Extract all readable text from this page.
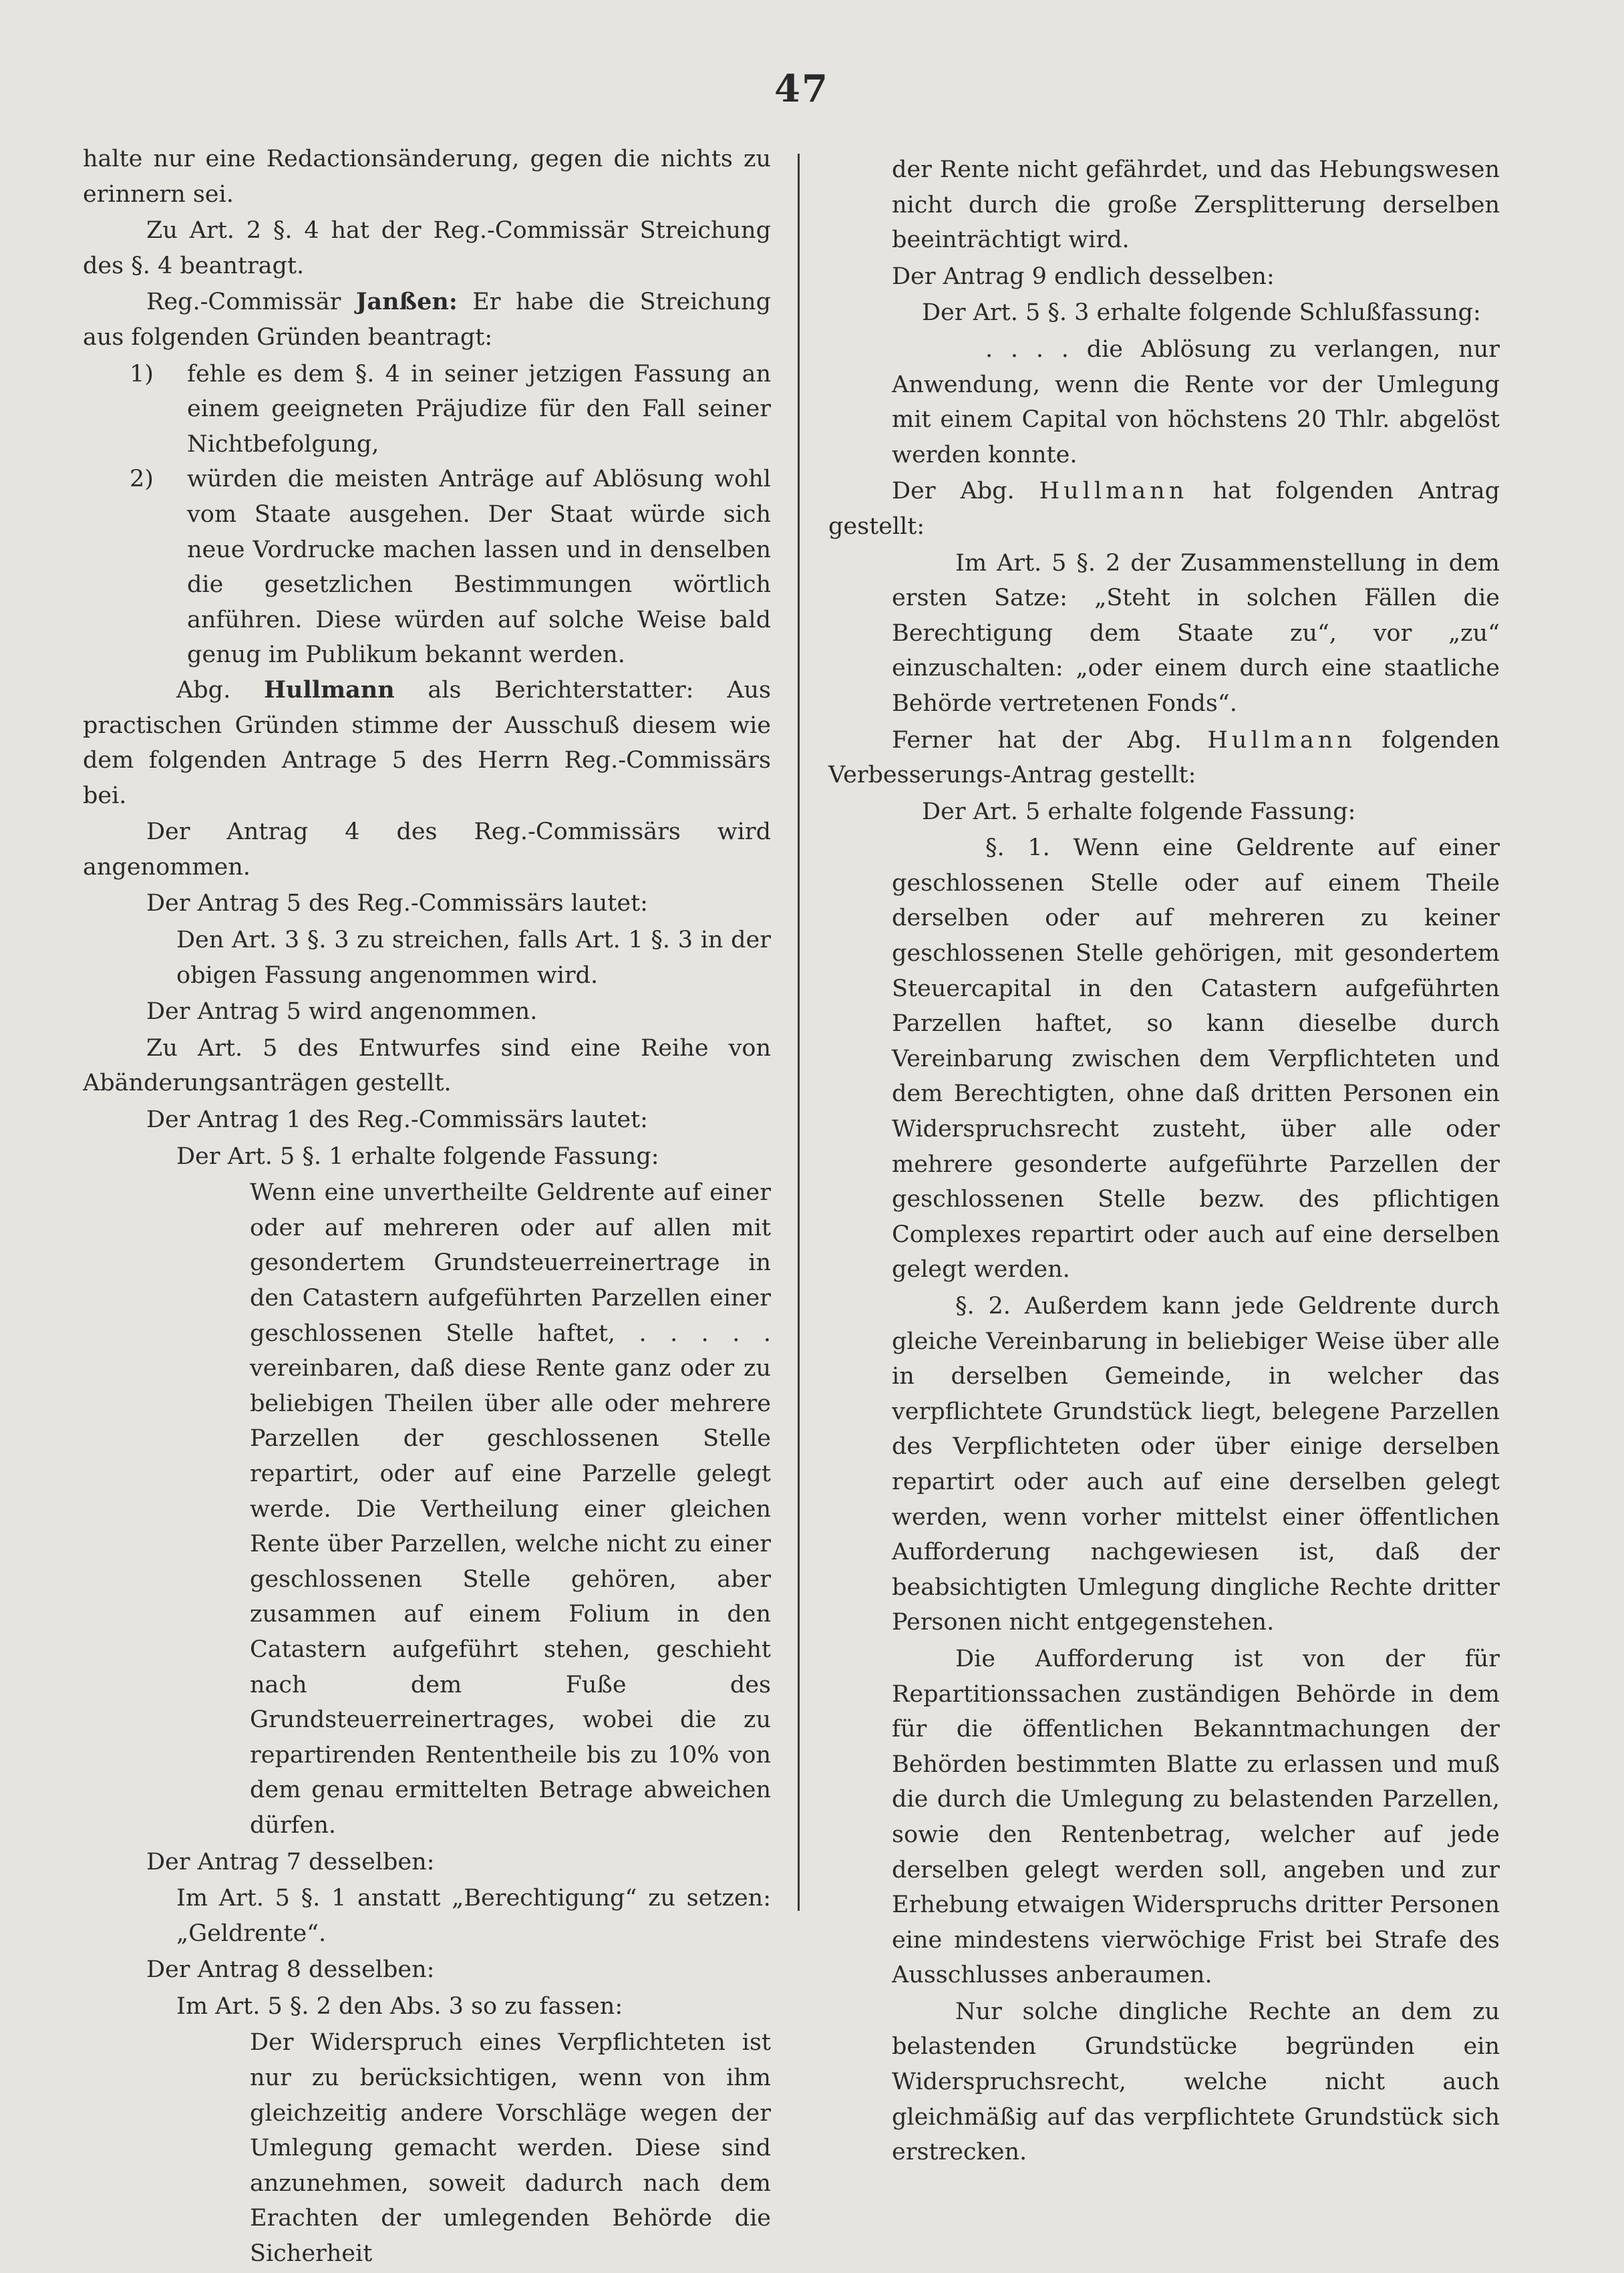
47

halte nur eine Redactionsänderung, gegen die nichts zu erinnern sei.

Zu Art. 2 §. 4 hat der Reg.-Commissär Streichung des §. 4 beantragt.

Reg.-Commissär Janßen: Er habe die Streichung aus folgenden Gründen beantragt:

1)	fehle es dem §. 4 in seiner jetzigen Fassung an einem geeigneten Präjudize für den Fall seiner Nichtbefolgung,
2)	würden die meisten Anträge auf Ablösung wohl vom Staate ausgehen. Der Staat würde sich neue Vordrucke machen lassen und in denselben die gesetzlichen Bestimmungen wörtlich anführen. Diese würden auf solche Weise bald genug im Publikum bekannt werden.

Abg. Hullmann als Berichterstatter: Aus practischen Gründen stimme der Ausschuß diesem wie dem folgenden Antrage 5 des Herrn Reg.-Commissärs bei.

Der Antrag 4 des Reg.-Commissärs wird angenommen.

Der Antrag 5 des Reg.-Commissärs lautet:

Den Art. 3 §. 3 zu streichen, falls Art. 1 §. 3 in der obigen Fassung angenommen wird.

Der Antrag 5 wird angenommen.

Zu Art. 5 des Entwurfes sind eine Reihe von Abänderungsanträgen gestellt.

Der Antrag 1 des Reg.-Commissärs lautet:

Der Art. 5 §. 1 erhalte folgende Fassung:

Wenn eine unvertheilte Geldrente auf einer oder auf mehreren oder auf allen mit gesondertem Grundsteuerreinertrage in den Catastern aufgeführten Parzellen einer geschlossenen Stelle haftet, . . . . . vereinbaren, daß diese Rente ganz oder zu beliebigen Theilen über alle oder mehrere Parzellen der geschlossenen Stelle repartirt, oder auf eine Parzelle gelegt werde. Die Vertheilung einer gleichen Rente über Parzellen, welche nicht zu einer geschlossenen Stelle gehören, aber zusammen auf einem Folium in den Catastern aufgeführt stehen, geschieht nach dem Fuße des Grundsteuerreinertrages, wobei die zu repartirenden Rententheile bis zu 10% von dem genau ermittelten Betrage abweichen dürfen.

Der Antrag 7 desselben:

Im Art. 5 §. 1 anstatt „Berechtigung“ zu setzen: „Geldrente“.

Der Antrag 8 desselben:

Im Art. 5 §. 2 den Abs. 3 so zu fassen:

Der Widerspruch eines Verpflichteten ist nur zu berücksichtigen, wenn von ihm gleichzeitig andere Vorschläge wegen der Umlegung gemacht werden. Diese sind anzunehmen, soweit dadurch nach dem Erachten der umlegenden Behörde die Sicherheit

der Rente nicht gefährdet, und das Hebungswesen nicht durch die große Zersplitterung derselben beeinträchtigt wird.

Der Antrag 9 endlich desselben:

Der Art. 5 §. 3 erhalte folgende Schlußfassung:

. . . . die Ablösung zu verlangen, nur Anwendung, wenn die Rente vor der Umlegung mit einem Capital von höchstens 20 Thlr. abgelöst werden konnte.

Der Abg. Hullmann hat folgenden Antrag gestellt:

Im Art. 5 §. 2 der Zusammenstellung in dem ersten Satze: „Steht in solchen Fällen die Berechtigung dem Staate zu“, vor „zu“ einzuschalten: „oder einem durch eine staatliche Behörde vertretenen Fonds“.

Ferner hat der Abg. Hullmann folgenden Verbesserungs-Antrag gestellt:

Der Art. 5 erhalte folgende Fassung:

§. 1. Wenn eine Geldrente auf einer geschlossenen Stelle oder auf einem Theile derselben oder auf mehreren zu keiner geschlossenen Stelle gehörigen, mit gesondertem Steuercapital in den Catastern aufgeführten Parzellen haftet, so kann dieselbe durch Vereinbarung zwischen dem Verpflichteten und dem Berechtigten, ohne daß dritten Personen ein Widerspruchsrecht zusteht, über alle oder mehrere gesonderte aufgeführte Parzellen der geschlossenen Stelle bezw. des pflichtigen Complexes repartirt oder auch auf eine derselben gelegt werden.

§. 2. Außerdem kann jede Geldrente durch gleiche Vereinbarung in beliebiger Weise über alle in derselben Gemeinde, in welcher das verpflichtete Grundstück liegt, belegene Parzellen des Verpflichteten oder über einige derselben repartirt oder auch auf eine derselben gelegt werden, wenn vorher mittelst einer öffentlichen Aufforderung nachgewiesen ist, daß der beabsichtigten Umlegung dingliche Rechte dritter Personen nicht entgegenstehen.

Die Aufforderung ist von der für Repartitionssachen zuständigen Behörde in dem für die öffentlichen Bekanntmachungen der Behörden bestimmten Blatte zu erlassen und muß die durch die Umlegung zu belastenden Parzellen, sowie den Rentenbetrag, welcher auf jede derselben gelegt werden soll, angeben und zur Erhebung etwaigen Widerspruchs dritter Personen eine mindestens vierwöchige Frist bei Strafe des Ausschlusses anberaumen.

Nur solche dingliche Rechte an dem zu belastenden Grundstücke begründen ein Widerspruchsrecht, welche nicht auch gleichmäßig auf das verpflichtete Grundstück sich erstrecken.
